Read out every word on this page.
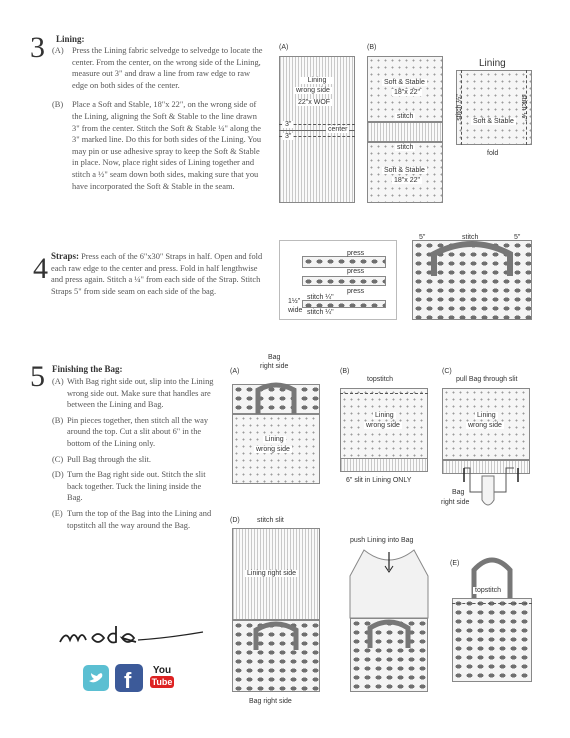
3 Lining:
(A) Press the Lining fabric selvedge to selvedge to locate the center. From the center, on the wrong side of the Lining, measure out 3" and draw a line from raw edge to raw edge on both sides of the center.

(B) Place a Soft and Stable, 18"x 22", on the wrong side of the Lining, aligning the Soft & Stable to the line drawn 3" from the center. Stitch the Soft & Stable ¼" along the 3" marked line. Do this for both sides of the Lining. You may pin or use adhesive spray to keep the Soft & Stable in place. Now, place right sides of Lining together and stitch a ½" seam down both sides, making sure that you have incorporated the Soft & Stable in the seam.

(A)	(B)
Lining
Lining
wrong side
22"x WOF
center
3"
3"
Soft & Stable
18"x 22"
stitch
stitch
Soft & Stable
18"x 22"
stitch ½"	stitch ½"
Soft & Stable
fold
4 Straps: Press each of the 6"x30" Straps in half. Open and fold each raw edge to the center and press. Fold in half lengthwise and press again. Stitch a ¼" from each side of the Strap. Stitch Straps 5" from side seam on each side of the bag.
press
press
press
stitch ¼"
stitch ¼"
1½"
wide
5"	stitch	5"
5 Finishing the Bag:
(A) With Bag right side out, slip into the Lining wrong side out. Make sure that handles are between the Lining and Bag.

(B) Pin pieces together, then stitch all the way around the top. Cut a slit about 6" in the bottom of the Lining only.

(C) Pull Bag through the slit.

(D) Turn the Bag right side out. Stitch the slit back together. Tuck the lining inside the Bag.

(E) Turn the top of the Bag into the Lining and topstitch all the way around the Bag.

(A)
Bag
right side
Lining
wrong side
(B)
topstitch
Lining
wrong side
6" slit in Lining ONLY
(C)
pull Bag through slit
Lining
wrong side
Bag
right side
(D) stitch slit
Lining right side
Bag right side
push Lining into Bag
(E)
topstitch
f You
Tube
